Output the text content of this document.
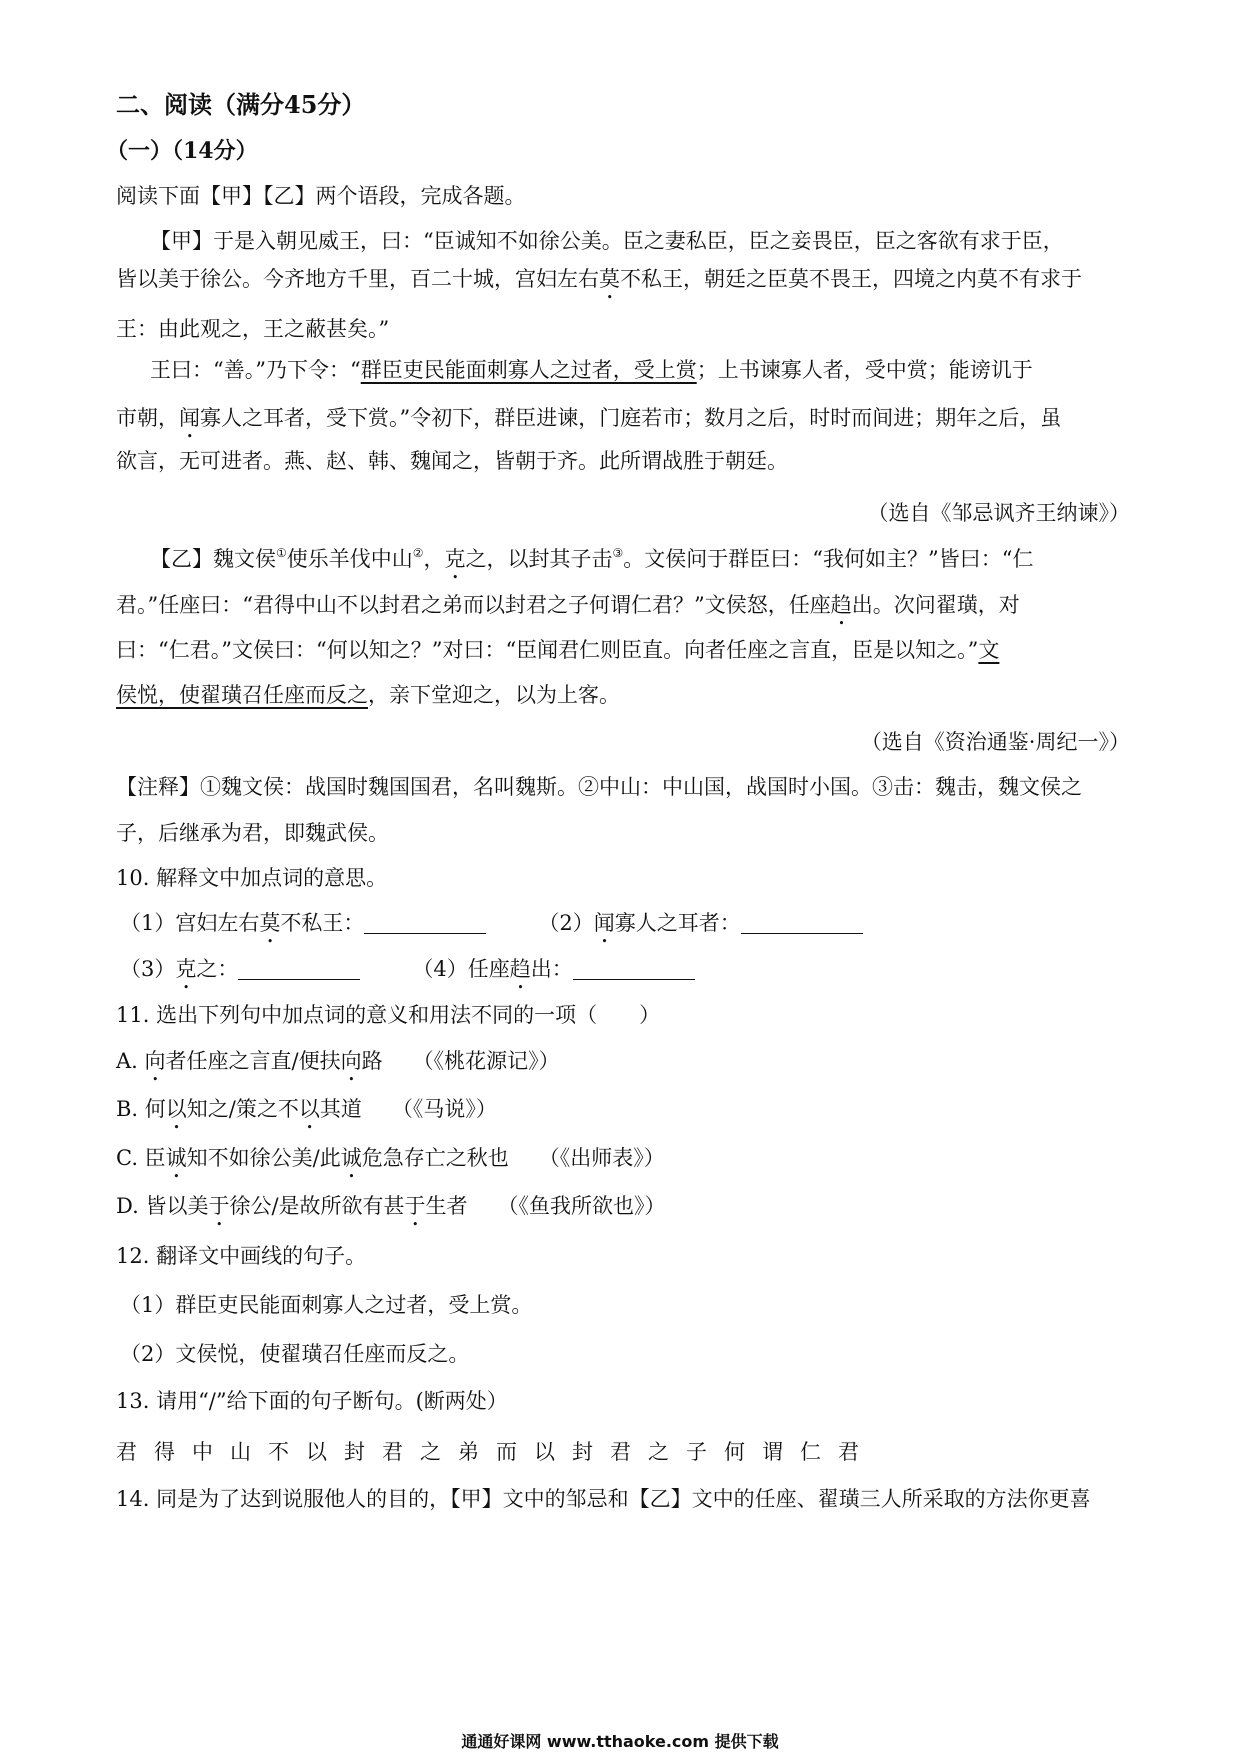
二、阅读（满分45分）
（一）（14分）
阅读下面【甲】【乙】两个语段，完成各题。
【甲】于是入朝见威王，曰：“臣诚知不如徐公美。臣之妻私臣，臣之妾畏臣，臣之客欲有求于臣，
皆以美于徐公。今齐地方千里，百二十城，宫妇左右莫不私王，朝廷之臣莫不畏王，四境之内莫不有求于
王：由此观之，王之蔽甚矣。”
王曰：“善。”乃下令：“群臣吏民能面刺寡人之过者，受上赏；上书谏寡人者，受中赏；能谤讥于
市朝，闻寡人之耳者，受下赏。”令初下，群臣进谏，门庭若市；数月之后，时时而间进；期年之后，虽
欲言，无可进者。燕、赵、韩、魏闻之，皆朝于齐。此所谓战胜于朝廷。
（选自《邹忌讽齐王纳谏》）
【乙】魏文侯①使乐羊伐中山②，克之，以封其子击③。文侯问于群臣曰：“我何如主？”皆曰：“仁
君。”任座曰：“君得中山不以封君之弟而以封君之子何谓仁君？”文侯怒，任座趋出。次问翟璜，对
曰：“仁君。”文侯曰：“何以知之？”对曰：“臣闻君仁则臣直。向者任座之言直，臣是以知之。”文
侯悦，使翟璜召任座而反之，亲下堂迎之，以为上客。
（选自《资治通鉴·周纪一》）
【注释】①魏文侯：战国时魏国国君，名叫魏斯。②中山：中山国，战国时小国。③击：魏击，魏文侯之
子，后继承为君，即魏武侯。
10. 解释文中加点词的意思。
（1）宫妇左右莫不私王：	（2）闻寡人之耳者：
（3）克之：	（4）任座趋出：
11. 选出下列句中加点词的意义和用法不同的一项（　　）
A. 向者任座之言直/便扶向路 （《桃花源记》）
B. 何以知之/策之不以其道 （《马说》）
C. 臣诚知不如徐公美/此诚危急存亡之秋也 （《出师表》）
D. 皆以美于徐公/是故所欲有甚于生者 （《鱼我所欲也》）
12. 翻译文中画线的句子。
（1）群臣吏民能面刺寡人之过者，受上赏。
（2）文侯悦，使翟璜召任座而反之。
13. 请用“/”给下面的句子断句。(断两处）
君得中山不以封君之弟而以封君之子何谓仁君
14. 同是为了达到说服他人的目的，【甲】文中的邹忌和【乙】文中的任座、翟璜三人所采取的方法你更喜
通通好课网 www.tthaoke.com 提供下载
